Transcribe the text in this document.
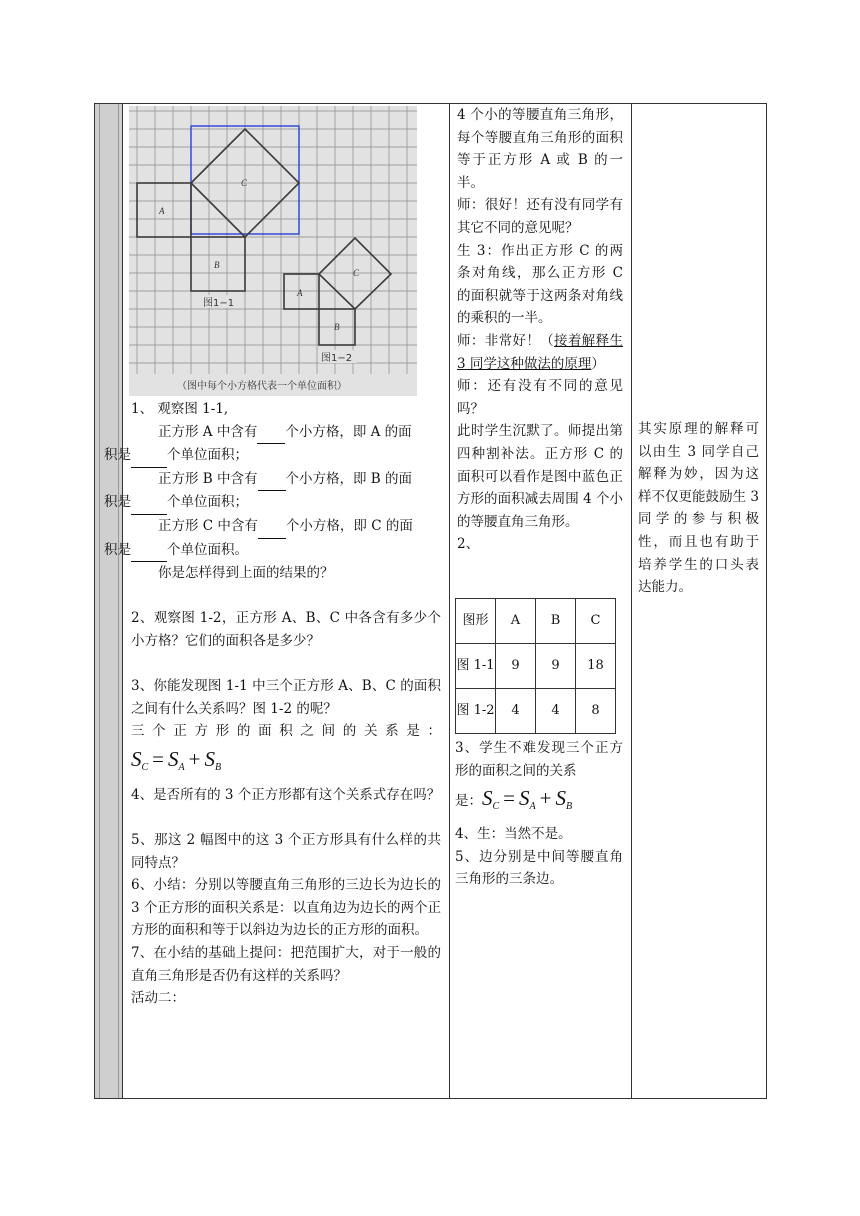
A
B
C
A
B
C
图1−1
图1−2
（图中每个小方格代表一个单位面积）

1、 观察图 1-1,

正方形 A 中含有 个小方格，即 A 的面
积是	个单位面积；

正方形 B 中含有 个小方格，即 B 的面
积是	个单位面积；

正方形 C 中含有 个小方格，即 C 的面
积是	个单位面积。

你是怎样得到上面的结果的？

2、观察图 1-2，正方形 A、B、C 中各含有多少个小方格？它们的面积各是多少？

3、你能发现图 1-1 中三个正方形 A、B、C 的面积之间有什么关系吗？图 1-2 的呢？

三个正方形的面积之间的关系是：

$S_C = S_A + S_B$

4、是否所有的 3 个正方形都有这个关系式存在吗？

5、那这 2 幅图中的这 3 个正方形具有什么样的共同特点？

6、小结：分别以等腰直角三角形的三边长为边长的 3 个正方形的面积关系是：以直角边为边长的两个正方形的面积和等于以斜边为边长的正方形的面积。

7、在小结的基础上提问：把范围扩大，对于一般的直角三角形是否仍有这样的关系吗？

活动二：

4 个小的等腰直角三角形，每个等腰直角三角形的面积等于正方形 A 或 B 的一半。

师：很好！还有没有同学有其它不同的意见呢？

生 3：作出正方形 C 的两条对角线，那么正方形 C 的面积就等于这两条对角线的乘积的一半。

师：非常好！（接着解释生 3 同学这种做法的原理）

师：还有没有不同的意见吗？

此时学生沉默了。师提出第四种割补法。正方形 C 的面积可以看作是图中蓝色正方形的面积减去周围 4 个小的等腰直角三角形。

2、

图形	A	B	C
图 1-1	9	9	18
图 1-2	4	4	8

3、学生不难发现三个正方形的面积之间的关系

是：$S_C = S_A + S_B$

4、生：当然不是。

5、边分别是中间等腰直角三角形的三条边。

其实原理的解释可以由生 3 同学自己解释为妙，因为这样不仅更能鼓励生 3 同学的参与积极性，而且也有助于培养学生的口头表达能力。
